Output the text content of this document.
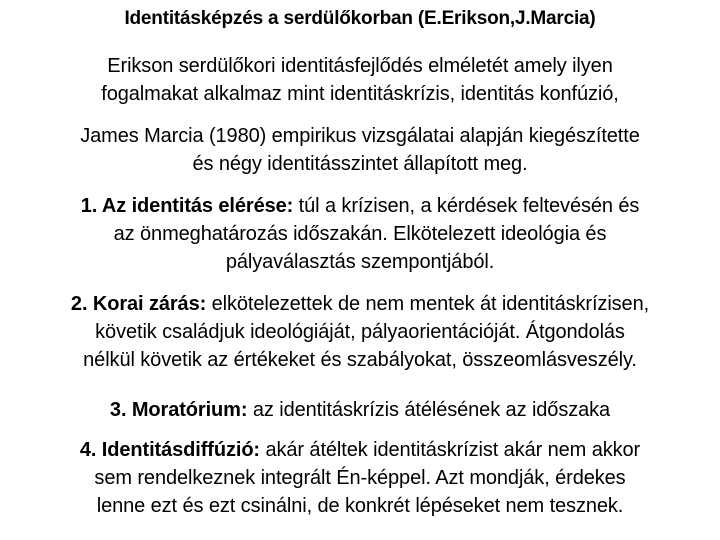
Identitásképzés a serdülőkorban (E.Erikson,J.Marcia)
Erikson serdülőkori identitásfejlődés elméletét amely ilyen
fogalmakat alkalmaz mint identitáskrízis, identitás konfúzió,
James Marcia (1980) empirikus vizsgálatai alapján kiegészítette
és négy identitásszintet állapított meg.
1. Az identitás elérése: túl a krízisen, a kérdések feltevésén és
az önmeghatározás időszakán. Elkötelezett ideológia és
pályaválasztás szempontjából.
2. Korai zárás: elkötelezettek de nem mentek át identitáskrízisen,
követik családjuk ideológiáját, pályaorientációját. Átgondolás
nélkül követik az értékeket és szabályokat, összeomlásveszély.
3. Moratórium: az identitáskrízis átélésének az időszaka
4. Identitásdiffúzió: akár átéltek identitáskrízist akár nem akkor
sem rendelkeznek integrált Én-képpel. Azt mondják, érdekes
lenne ezt és ezt csinálni, de konkrét lépéseket nem tesznek.
